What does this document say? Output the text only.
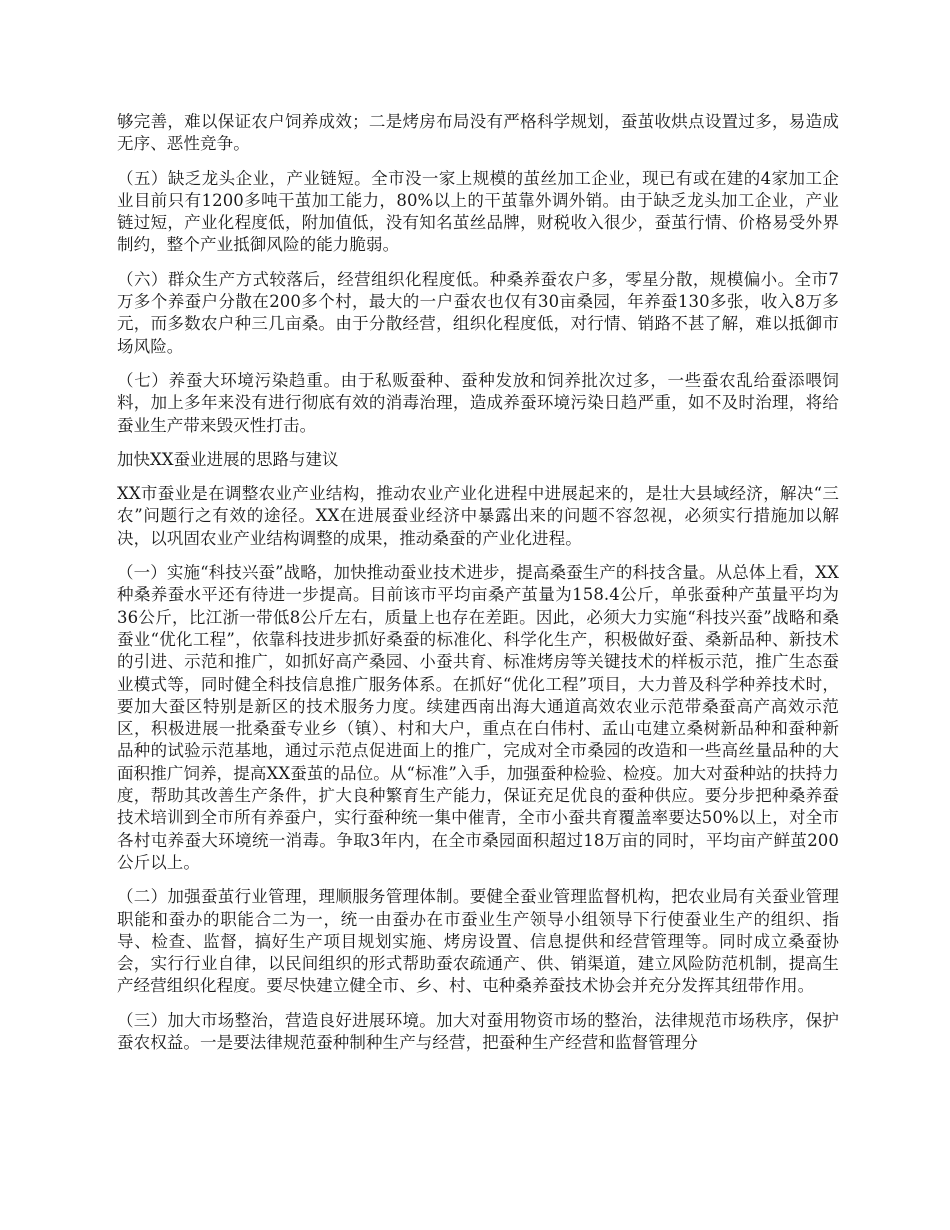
够完善，难以保证农户饲养成效；二是烤房布局没有严格科学规划，蚕茧收烘点设置过多，易造成无序、恶性竞争。

（五）缺乏龙头企业，产业链短。全市没一家上规模的茧丝加工企业，现已有或在建的4家加工企业目前只有1200多吨干茧加工能力，80%以上的干茧靠外调外销。由于缺乏龙头加工企业，产业链过短，产业化程度低，附加值低，没有知名茧丝品牌，财税收入很少，蚕茧行情、价格易受外界制约，整个产业抵御风险的能力脆弱。

（六）群众生产方式较落后，经营组织化程度低。种桑养蚕农户多，零星分散，规模偏小。全市7万多个养蚕户分散在200多个村，最大的一户蚕农也仅有30亩桑园，年养蚕130多张，收入8万多元，而多数农户种三几亩桑。由于分散经营，组织化程度低，对行情、销路不甚了解，难以抵御市场风险。

（七）养蚕大环境污染趋重。由于私贩蚕种、蚕种发放和饲养批次过多，一些蚕农乱给蚕添喂饲料，加上多年来没有进行彻底有效的消毒治理，造成养蚕环境污染日趋严重，如不及时治理，将给蚕业生产带来毁灭性打击。

加快XX蚕业进展的思路与建议

XX市蚕业是在调整农业产业结构，推动农业产业化进程中进展起来的，是壮大县域经济，解决“三农”问题行之有效的途径。XX在进展蚕业经济中暴露出来的问题不容忽视，必须实行措施加以解决，以巩固农业产业结构调整的成果，推动桑蚕的产业化进程。

（一）实施“科技兴蚕”战略，加快推动蚕业技术进步，提高桑蚕生产的科技含量。从总体上看，XX种桑养蚕水平还有待进一步提高。目前该市平均亩桑产茧量为158.4公斤，单张蚕种产茧量平均为36公斤，比江浙一带低8公斤左右，质量上也存在差距。因此，必须大力实施“科技兴蚕”战略和桑蚕业“优化工程”，依靠科技进步抓好桑蚕的标准化、科学化生产，积极做好蚕、桑新品种、新技术的引进、示范和推广，如抓好高产桑园、小蚕共育、标准烤房等关键技术的样板示范，推广生态蚕业模式等，同时健全科技信息推广服务体系。在抓好“优化工程”项目，大力普及科学种养技术时，要加大蚕区特别是新区的技术服务力度。续建西南出海大通道高效农业示范带桑蚕高产高效示范区，积极进展一批桑蚕专业乡（镇）、村和大户，重点在白伟村、孟山屯建立桑树新品种和蚕种新品种的试验示范基地，通过示范点促进面上的推广，完成对全市桑园的改造和一些高丝量品种的大面积推广饲养，提高XX蚕茧的品位。从“标准”入手，加强蚕种检验、检疫。加大对蚕种站的扶持力度，帮助其改善生产条件，扩大良种繁育生产能力，保证充足优良的蚕种供应。要分步把种桑养蚕技术培训到全市所有养蚕户，实行蚕种统一集中催青，全市小蚕共育覆盖率要达50%以上，对全市各村屯养蚕大环境统一消毒。争取3年内，在全市桑园面积超过18万亩的同时，平均亩产鲜茧200公斤以上。

（二）加强蚕茧行业管理，理顺服务管理体制。要健全蚕业管理监督机构，把农业局有关蚕业管理职能和蚕办的职能合二为一，统一由蚕办在市蚕业生产领导小组领导下行使蚕业生产的组织、指导、检查、监督，搞好生产项目规划实施、烤房设置、信息提供和经营管理等。同时成立桑蚕协会，实行行业自律，以民间组织的形式帮助蚕农疏通产、供、销渠道，建立风险防范机制，提高生产经营组织化程度。要尽快建立健全市、乡、村、屯种桑养蚕技术协会并充分发挥其纽带作用。

（三）加大市场整治，营造良好进展环境。加大对蚕用物资市场的整治，法律规范市场秩序，保护蚕农权益。一是要法律规范蚕种制种生产与经营，把蚕种生产经营和监督管理分
